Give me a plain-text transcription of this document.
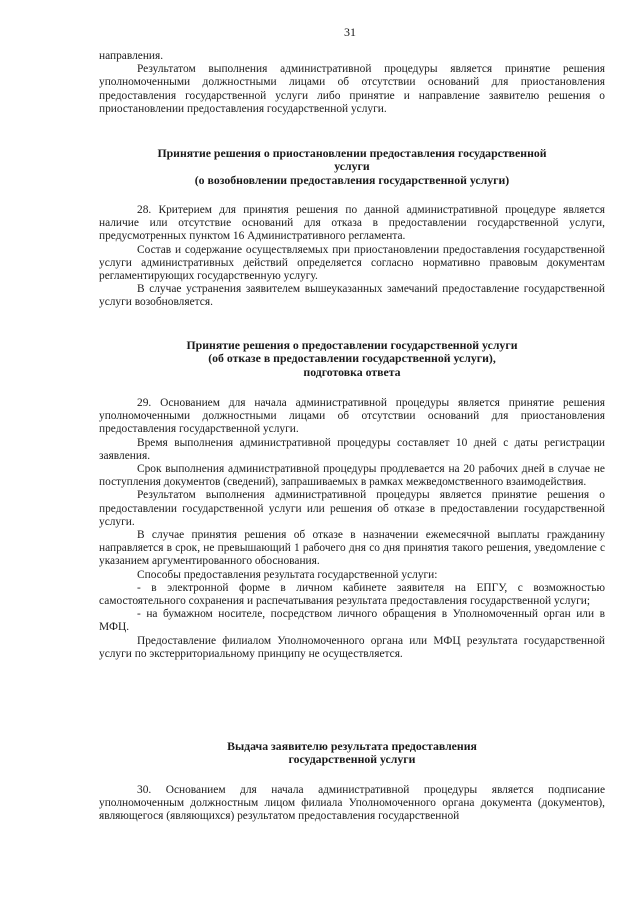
31

направления.

Результатом выполнения административной процедуры является принятие решения уполномоченными должностными лицами об отсутствии оснований для приостановления предоставления государственной услуги либо принятие и направление заявителю решения о приостановлении предоставления государственной услуги.

Принятие решения о приостановлении предоставления государственной
услуги
(о возобновлении предоставления государственной услуги)

28. Критерием для принятия решения по данной административной процедуре является наличие или отсутствие оснований для отказа в предоставлении государственной услуги, предусмотренных пунктом 16 Административного регламента.

Состав и содержание осуществляемых при приостановлении предоставления государственной услуги административных действий определяется согласно нормативно правовым документам регламентирующих государственную услугу.

В случае устранения заявителем вышеуказанных замечаний предоставление государственной услуги возобновляется.

Принятие решения о предоставлении государственной услуги
(об отказе в предоставлении государственной услуги),
подготовка ответа

29. Основанием для начала административной процедуры является принятие решения уполномоченными должностными лицами об отсутствии оснований для приостановления предоставления государственной услуги.

Время выполнения административной процедуры составляет 10 дней с даты регистрации заявления.

Срок выполнения административной процедуры продлевается на 20 рабочих дней в случае не поступления документов (сведений), запрашиваемых в рамках межведомственного взаимодействия.

Результатом выполнения административной процедуры является принятие решения о предоставлении государственной услуги или решения об отказе в предоставлении государственной услуги.

В случае принятия решения об отказе в назначении ежемесячной выплаты гражданину направляется в срок, не превышающий 1 рабочего дня со дня принятия такого решения, уведомление с указанием аргументированного обоснования.

Способы предоставления результата государственной услуги:

- в электронной форме в личном кабинете заявителя на ЕПГУ, с возможностью самостоятельного сохранения и распечатывания результата предоставления государственной услуги;

- на бумажном носителе, посредством личного обращения в Уполномоченный орган или в МФЦ.

Предоставление филиалом Уполномоченного органа или МФЦ результата государственной услуги по экстерриториальному принципу не осуществляется.

Выдача заявителю результата предоставления
государственной услуги

30. Основанием для начала административной процедуры является подписание уполномоченным должностным лицом филиала Уполномоченного органа документа (документов), являющегося (являющихся) результатом предоставления государственной
